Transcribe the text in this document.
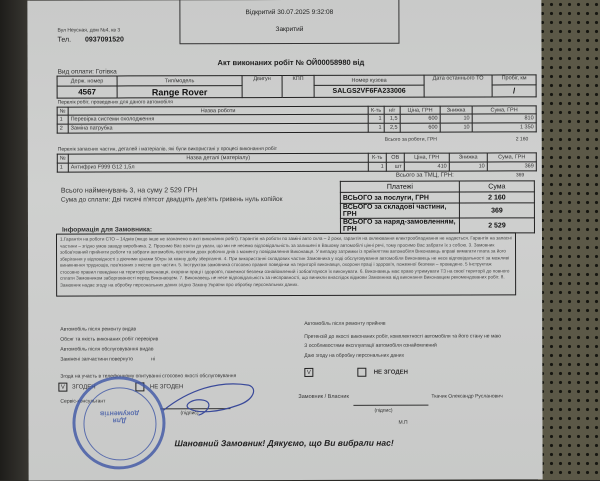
Вул Неусная, дом №4, кв 3
Тел. 0937091520
Відкритий 30.07.2025 9:32:08
Закритий
Акт виконаних робіт № ОЙ00058980 від
Вид оплати: Готівка
Держ. номер	Тип/модель	Двигун	КПП	Номер кузова	Дата останнього ТО	Пробіг, км
4567	Range Rover			SALGS2VF6FA233006		/
Перелік робіт, проведених для даного автомобіля
№	Назва роботи	К-ть	н/г	Ціна, ГРН	Знижка	Сума, ГРН
1	Перевірка системи охолодження	1	1,5	600	10	810
2	Заміна патрубка	1	2,5	600	10	1 350
Всього за роботи, ГРН	2 160
Перелік запасних частин, деталей і матеріалів, які були використані у процесі виконання робіт
№	Назва деталі (матеріалу)	К-ть	ОВ	Ціна, ГРН	Знижка	Сума, ГРН
1	Антифриз F999 G12 1,5л	1	шт	410	10	369
Всього за ТМЦ, ГРН:	369
Всього найменувань 3, на суму 2 529 ГРН
Сума до сплати: Дві тисячі п'ятсот двадцять дев'ять гривень нуль копійок
Платежі	Сума
ВСЬОГО за послуги, ГРН	2 160
ВСЬОГО за складові частини, ГРН	369
ВСЬОГО за наряд-замовленням, ГРН	2 529
Інформація для Замовника:
1.Гарантія на роботи СТО – 14днів (якщо інше не зазначено в акті виконаних робіт). Гарантія на роботи по заміні авто скла – 2 роки, гарантія на оклеювання електрообладнання не надається. Гарантія на запасні частини – згідно умов заводу виробника. 2. Просимо Вас взяти до уваги, що ми не несемо відповідальність за залишені в Вашому автомобілі цінні речі, тому просимо Вас забрати їх з собою. 3. Замовник зобов'язаний прийняти роботи та забрати автомобіль протягом двох робочих днів з моменту повідомлення Виконавця. У випадку затримки із прийняттям автомобіля Виконавець вправі вимагати плата за його зберігання у відповідності з діючими цінами 50грн за кожну добу зберігання. 4. При використанні складових частин Замовника у ході обслуговування автомобіля Виконавець не несе відповідальності за можливі виникнення труднощів, пов'язаних з якістю цих частин. 5. Інструктаж замовника стосовно правил поведінки на території виконавця, охорони праці і здоров'я, пожежної безпеки – проведено. 5 Інструктаж стосовно правил поведінки на території виконавця, охорони праці і здоров'я, пожежної безпеки ознайомлений і зобов'язуюся їх виконувати. 6. Виконавець має право утримувати ТЗ на своєї території до повного сплати Замовником заборгованості перед Виконавцем. 7. Виконавець не несе відповідальність за несправності, що виникли внаслідок відмови Замовника від виконання Виконавцем рекомендованих робіт. 8. Замовник надає згоду на обробку персональних даних згідно Закону України про обробку персональних даних.
Автомобіль після ремонту видав
Обсяг та якість виконаних робіт перевірив
Автомобіль після обслуговування видав
Замінені запчастини повернуто	ні
Згода на участь в телефонному опитуванні стосовно якості обслуговування
V ЗГОДЕН	НЕ ЗГОДЕН
Сервіс-консультант
(підпис)
Автомобіль після ремонту прийняв
Претензій до якості виконаних робіт, комплектності автомобіля та його стану не маю
З особливостями експлуатації автомобіля ознайомлений
Даю згоду на обробку персональних даних
V	НЕ ЗГОДЕН
Замовник / Власник	Ткачик Олександр Русланович
(підпис)
М.П
Для документів
Шановний Замовник! Дякуємо, що Ви вибрали нас!
